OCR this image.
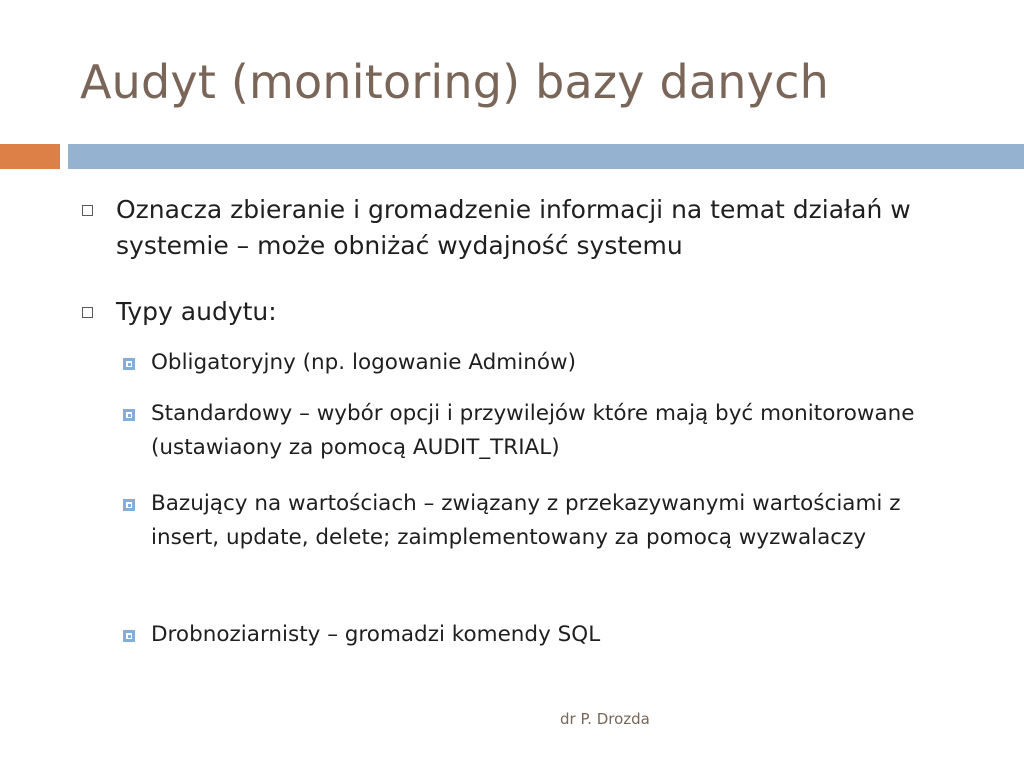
Audyt (monitoring) bazy danych
Oznacza zbieranie i gromadzenie informacji na temat działań w systemie – może obniżać wydajność systemu
Typy audytu:
Obligatoryjny (np. logowanie Adminów)
Standardowy – wybór opcji i przywilejów które mają być monitorowane (ustawiaony za pomocą AUDIT_TRIAL)
Bazujący na wartościach – związany z przekazywanymi wartościami z insert, update, delete; zaimplementowany za pomocą wyzwalaczy
Drobnoziarnisty – gromadzi komendy SQL
dr P. Drozda
